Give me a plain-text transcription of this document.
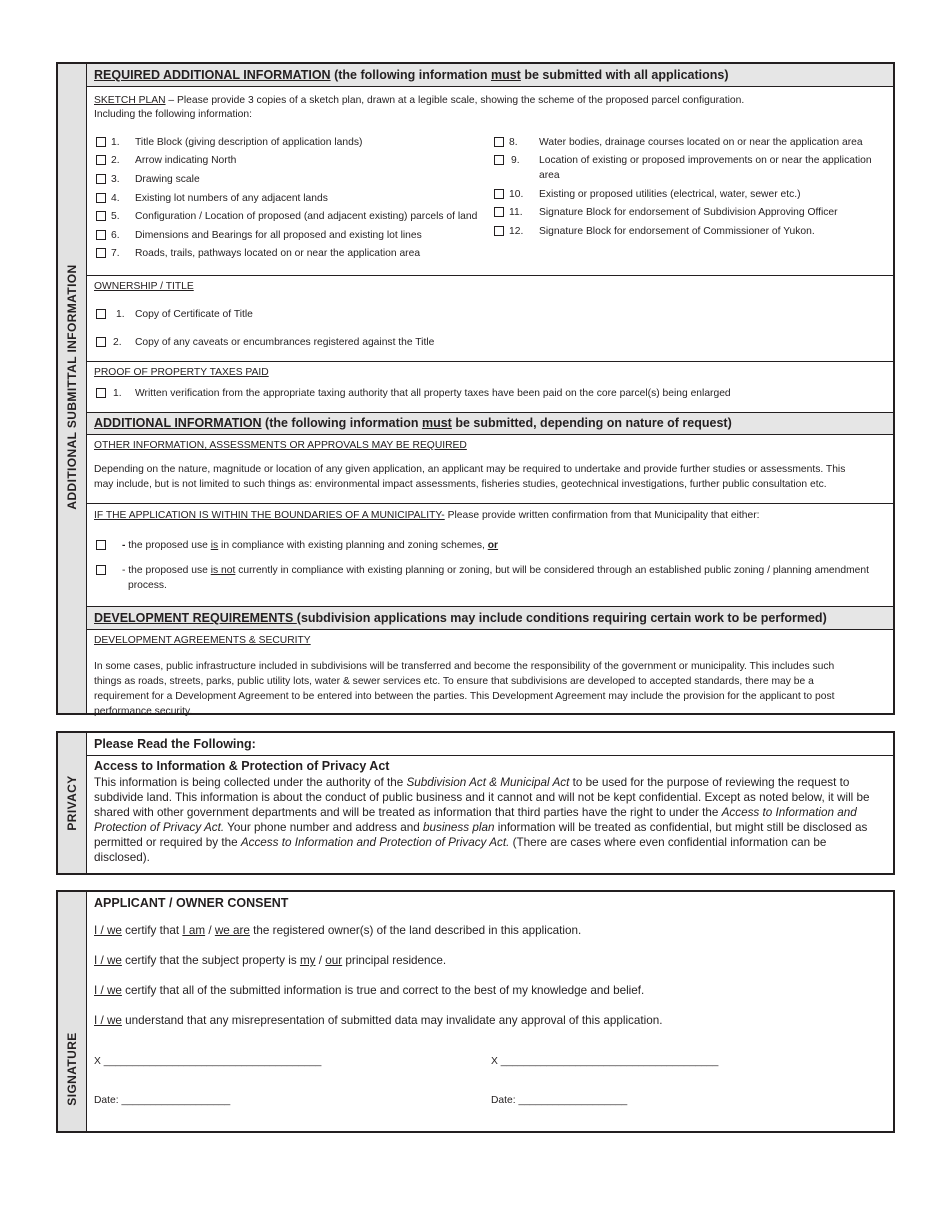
ADDITIONAL SUBMITTAL INFORMATION
REQUIRED ADDITIONAL INFORMATION (the following information must be submitted with all applications)
SKETCH PLAN – Please provide 3 copies of a sketch plan, drawn at a legible scale, showing the scheme of the proposed parcel configuration.
Including the following information:
1. Title Block (giving description of application lands)
2. Arrow indicating North
3. Drawing scale
4. Existing lot numbers of any adjacent lands
5. Configuration / Location of proposed (and adjacent existing) parcels of land
6. Dimensions and Bearings for all proposed and existing lot lines
7. Roads, trails, pathways located on or near the application area
8. Water bodies, drainage courses located on or near the application area
9. Location of existing or proposed improvements on or near the application
area
10. Existing or proposed utilities (electrical, water, sewer etc.)
11. Signature Block for endorsement of Subdivision Approving Officer
12. Signature Block for endorsement of Commissioner of Yukon.
OWNERSHIP / TITLE
1. Copy of Certificate of Title
2. Copy of any caveats or encumbrances registered against the Title
PROOF OF PROPERTY TAXES PAID
1. Written verification from the appropriate taxing authority that all property taxes have been paid on the core parcel(s) being enlarged
ADDITIONAL INFORMATION (the following information must be submitted, depending on nature of request)
OTHER INFORMATION, ASSESSMENTS OR APPROVALS MAY BE REQUIRED
Depending on the nature, magnitude or location of any given application, an applicant may be required to undertake and provide further studies or assessments. This may include, but is not limited to such things as: environmental impact assessments, fisheries studies, geotechnical investigations, further public consultation etc.
IF THE APPLICATION IS WITHIN THE BOUNDARIES OF A MUNICIPALITY- Please provide written confirmation from that Municipality that either:
- the proposed use is in compliance with existing planning and zoning schemes, or
- the proposed use is not currently in compliance with existing planning or zoning, but will be considered through an established public zoning / planning amendment
process.
DEVELOPMENT REQUIREMENTS (subdivision applications may include conditions requiring certain work to be performed)
DEVELOPMENT AGREEMENTS & SECURITY
In some cases, public infrastructure included in subdivisions will be transferred and become the responsibility of the government or municipality. This includes such things as roads, streets, parks, public utility lots, water & sewer services etc. To ensure that subdivisions are developed to accepted standards, there may be a requirement for a Development Agreement to be entered into between the parties. This Development Agreement may include the provision for the applicant to post performance security.
PRIVACY
Please Read the Following:
Access to Information & Protection of Privacy Act
This information is being collected under the authority of the Subdivision Act & Municipal Act to be used for the purpose of reviewing the request to subdivide land. This information is about the conduct of public business and it cannot and will not be kept confidential. Except as noted below, it will be shared with other government departments and will be treated as information that third parties have the right to under the Access to Information and Protection of Privacy Act. Your phone number and address and business plan information will be treated as confidential, but might still be disclosed as permitted or required by the Access to Information and Protection of Privacy Act. (There are cases where even confidential information can be disclosed).
SIGNATURE
APPLICANT / OWNER CONSENT
I / we certify that I am / we are the registered owner(s) of the land described in this application.
I / we certify that the subject property is my / our principal residence.
I / we certify that all of the submitted information is true and correct to the best of my knowledge and belief.
I / we understand that any misrepresentation of submitted data may invalidate any approval of this application.
X ______________________________________	X ______________________________________
Date: ___________________	Date: ___________________
